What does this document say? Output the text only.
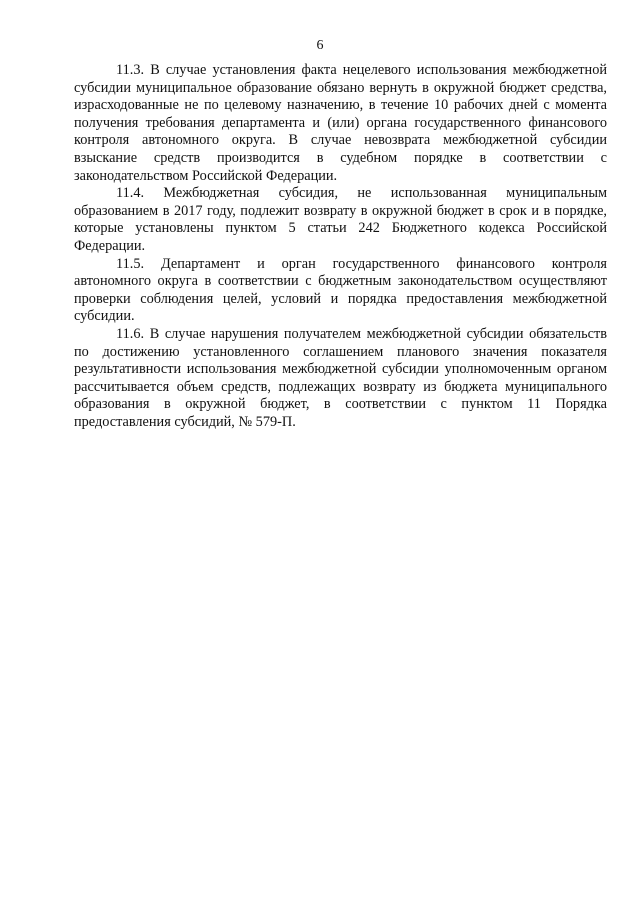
6

11.3. В случае установления факта нецелевого использования межбюджетной субсидии муниципальное образование обязано вернуть в окружной бюджет средства, израсходованные не по целевому назначению, в течение 10 рабочих дней с момента получения требования департамента и (или) органа государственного финансового контроля автономного округа. В случае невозврата межбюджетной субсидии взыскание средств производится в судебном порядке в соответствии с законодательством Российской Федерации.

11.4. Межбюджетная субсидия, не использованная муниципальным образованием в 2017 году, подлежит возврату в окружной бюджет в срок и в порядке, которые установлены пунктом 5 статьи 242 Бюджетного кодекса Российской Федерации.

11.5. Департамент и орган государственного финансового контроля автономного округа в соответствии с бюджетным законодательством осуществляют проверки соблюдения целей, условий и порядка предоставления межбюджетной субсидии.

11.6. В случае нарушения получателем межбюджетной субсидии обязательств по достижению установленного соглашением планового значения показателя результативности использования межбюджетной субсидии уполномоченным органом рассчитывается объем средств, подлежащих возврату из бюджета муниципального образования в окружной бюджет, в соответствии с пунктом 11 Порядка предоставления субсидий, № 579-П.
